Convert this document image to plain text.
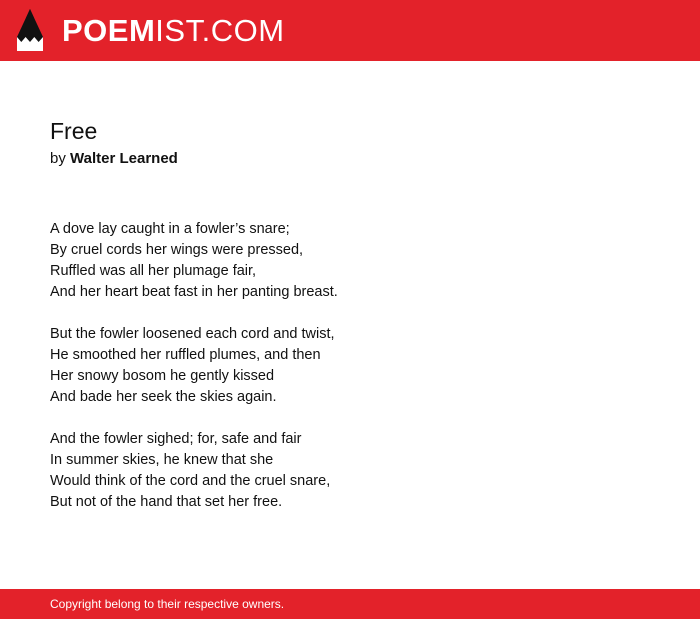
POEMIST.COM
Free
by Walter Learned
A dove lay caught in a fowler’s snare;
By cruel cords her wings were pressed,
Ruffled was all her plumage fair,
And her heart beat fast in her panting breast.
But the fowler loosened each cord and twist,
He smoothed her ruffled plumes, and then
Her snowy bosom he gently kissed
And bade her seek the skies again.
And the fowler sighed; for, safe and fair
In summer skies, he knew that she
Would think of the cord and the cruel snare,
But not of the hand that set her free.
Copyright belong to their respective owners.
